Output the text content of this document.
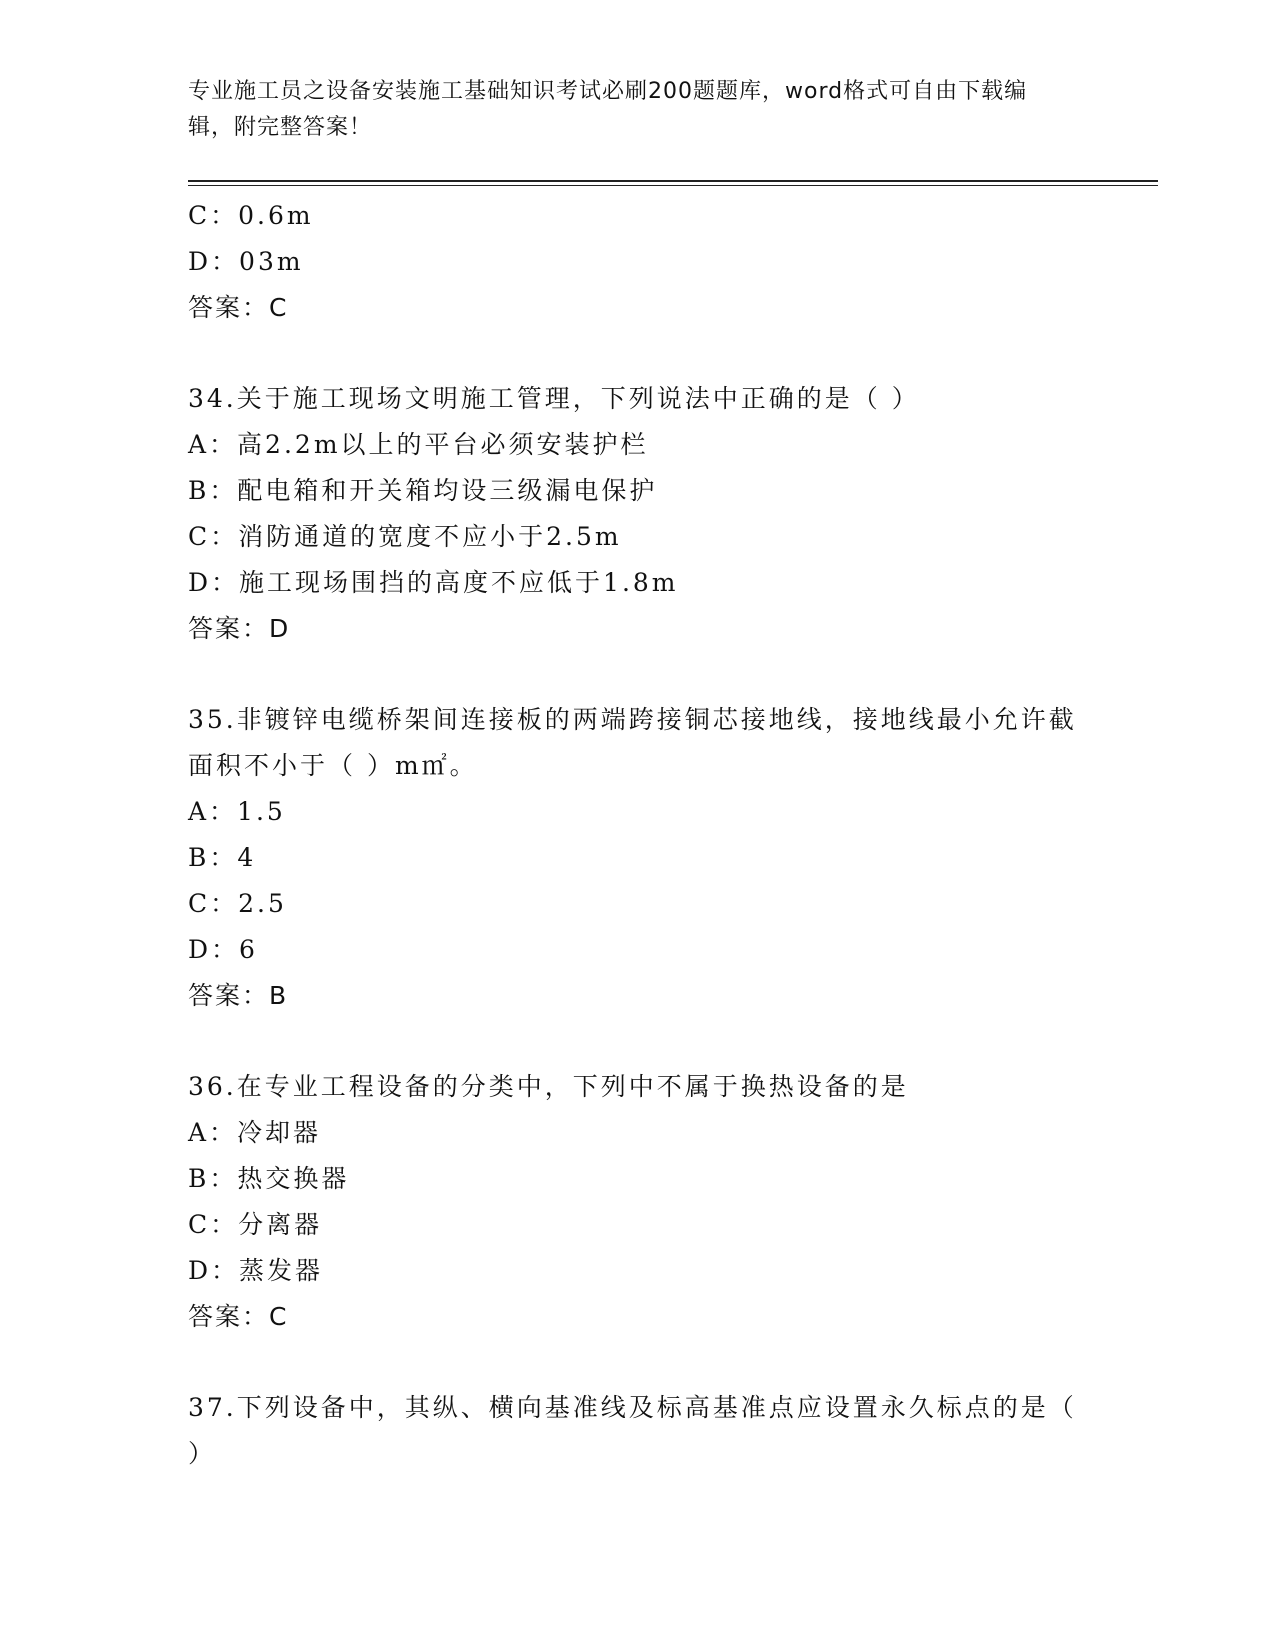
专业施工员之设备安装施工基础知识考试必刷200题题库，word格式可自由下载编辑，附完整答案！
C：0.6m
D：03m
答案：C
34.关于施工现场文明施工管理，下列说法中正确的是（ ）
A：高2.2m以上的平台必须安装护栏
B：配电箱和开关箱均设三级漏电保护
C：消防通道的宽度不应小于2.5m
D：施工现场围挡的高度不应低于1.8m
答案：D
35.非镀锌电缆桥架间连接板的两端跨接铜芯接地线，接地线最小允许截面积不小于（ ）m㎡。
A：1.5
B：4
C：2.5
D：6
答案：B
36.在专业工程设备的分类中，下列中不属于换热设备的是
A：冷却器
B：热交换器
C：分离器
D：蒸发器
答案：C
37.下列设备中，其纵、横向基准线及标高基准点应设置永久标点的是（ ）
